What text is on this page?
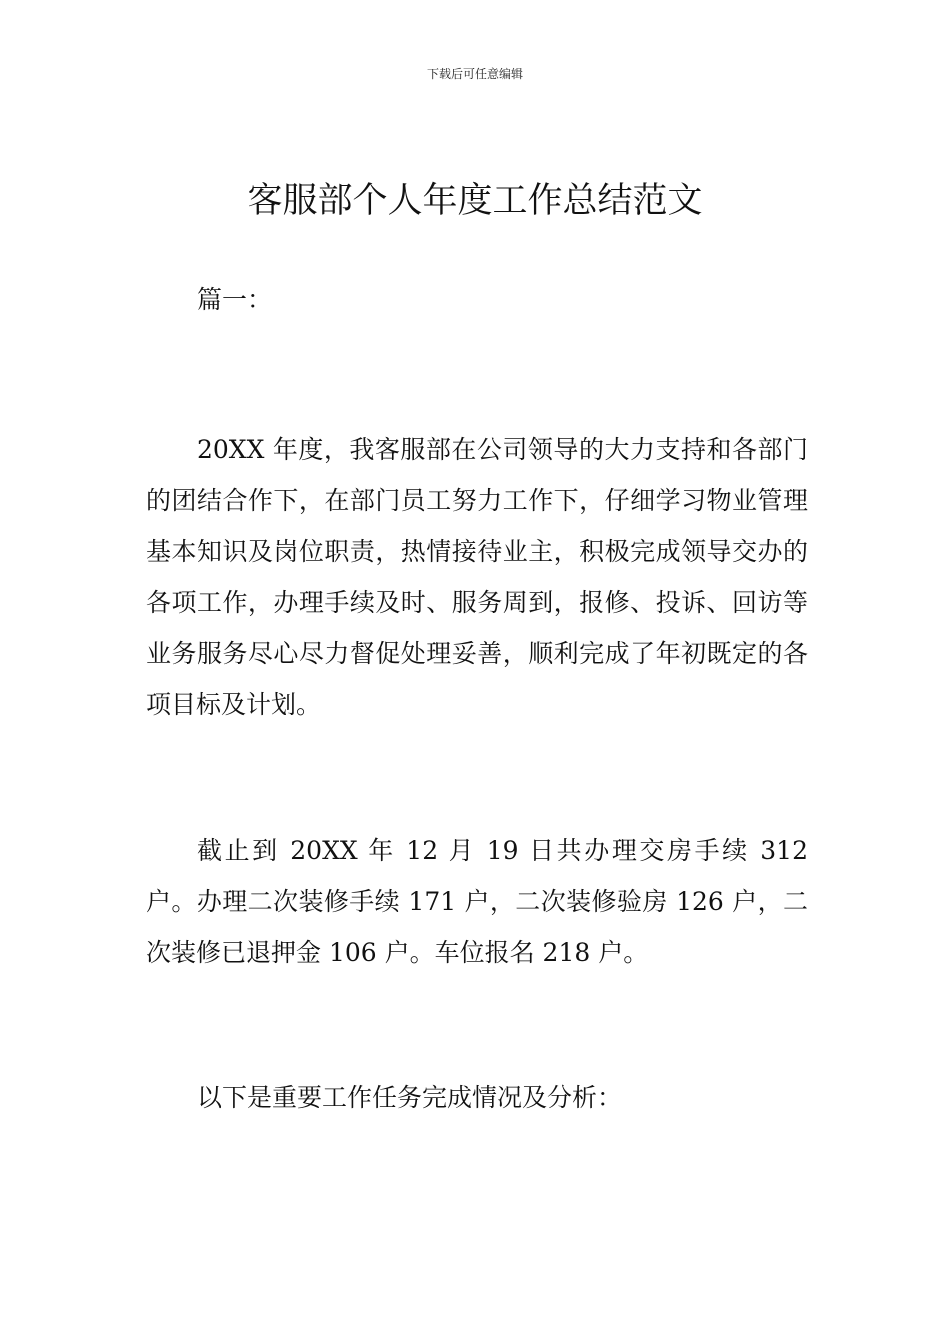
下载后可任意编辑
客服部个人年度工作总结范文

篇一：

20XX 年度，我客服部在公司领导的大力支持和各部门的团结合作下，在部门员工努力工作下，仔细学习物业管理基本知识及岗位职责，热情接待业主，积极完成领导交办的各项工作，办理手续及时、服务周到，报修、投诉、回访等业务服务尽心尽力督促处理妥善，顺利完成了年初既定的各项目标及计划。

截止到 20XX 年 12 月 19 日共办理交房手续 312 户。办理二次装修手续 171 户，二次装修验房 126 户，二次装修已退押金 106 户。车位报名 218 户。

以下是重要工作任务完成情况及分析：
